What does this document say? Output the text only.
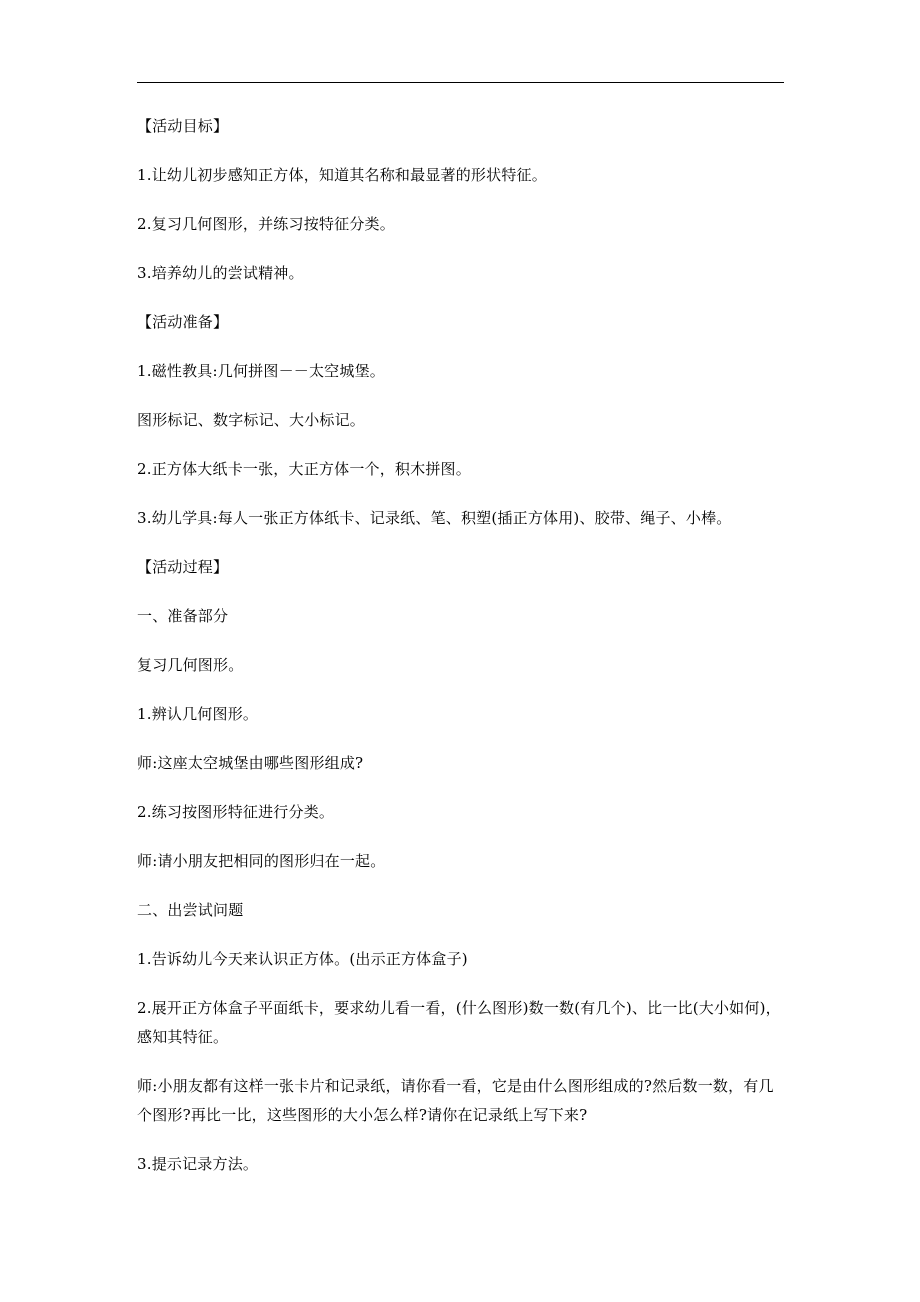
【活动目标】

1.让幼儿初步感知正方体，知道其名称和最显著的形状特征。

2.复习几何图形，并练习按特征分类。

3.培养幼儿的尝试精神。

【活动准备】

1.磁性教具:几何拼图－－太空城堡。

图形标记、数字标记、大小标记。

2.正方体大纸卡一张，大正方体一个，积木拼图。

3.幼儿学具:每人一张正方体纸卡、记录纸、笔、积塑(插正方体用)、胶带、绳子、小棒。

【活动过程】

一、准备部分

复习几何图形。

1.辨认几何图形。

师:这座太空城堡由哪些图形组成?

2.练习按图形特征进行分类。

师:请小朋友把相同的图形归在一起。

二、出尝试问题

1.告诉幼儿今天来认识正方体。(出示正方体盒子)

2.展开正方体盒子平面纸卡，要求幼儿看一看，(什么图形)数一数(有几个)、比一比(大小如何)，感知其特征。

师:小朋友都有这样一张卡片和记录纸，请你看一看，它是由什么图形组成的?然后数一数，有几个图形?再比一比，这些图形的大小怎么样?请你在记录纸上写下来?

3.提示记录方法。
